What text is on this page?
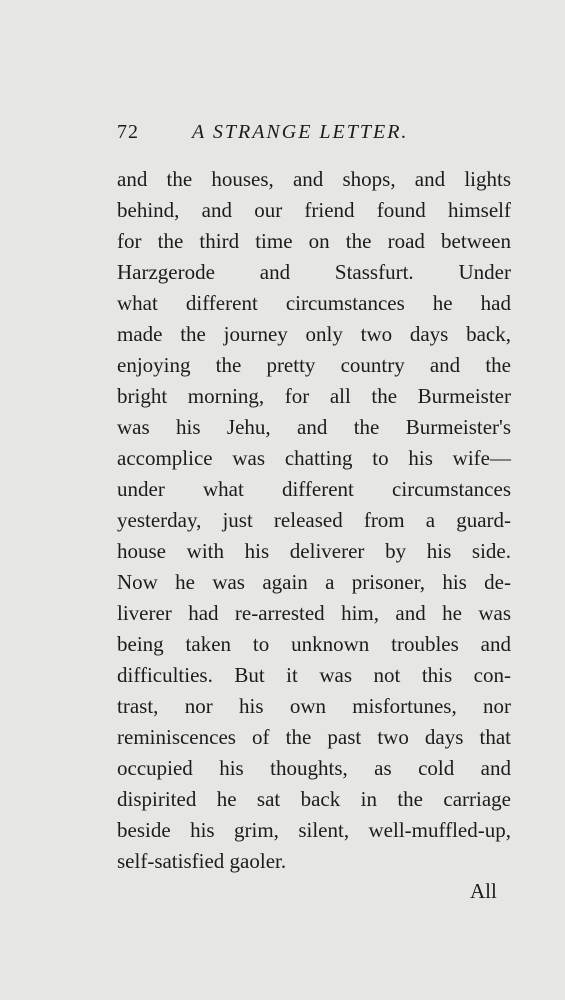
72	A STRANGE LETTER.
and the houses, and shops, and lights
behind, and our friend found himself
for the third time on the road between
Harzgerode and Stassfurt. Under
what different circumstances he had
made the journey only two days back,
enjoying the pretty country and the
bright morning, for all the Burmeister
was his Jehu, and the Burmeister's
accomplice was chatting to his wife—
under what different circumstances
yesterday, just released from a guard-
house with his deliverer by his side.
Now he was again a prisoner, his de-
liverer had re-arrested him, and he was
being taken to unknown troubles and
difficulties. But it was not this con-
trast, nor his own misfortunes, nor
reminiscences of the past two days that
occupied his thoughts, as cold and
dispirited he sat back in the carriage
beside his grim, silent, well-muffled-up,
self-satisfied gaoler.
All
